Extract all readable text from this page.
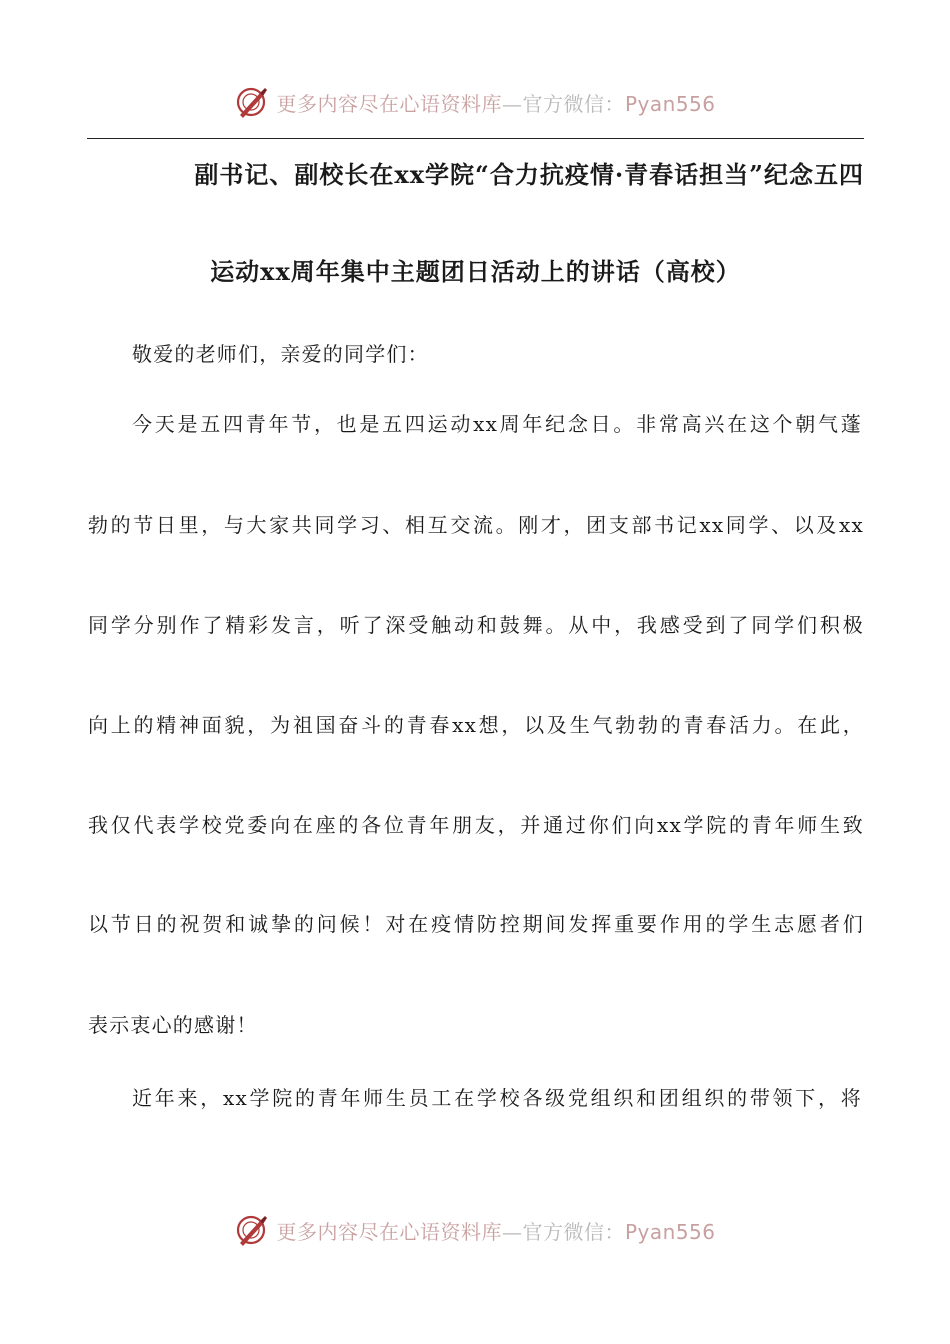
更多内容尽在心语资料库—官方微信：Pyan556
副书记、副校长在xx学院“合力抗疫情·青春话担当”纪念五四
运动xx周年集中主题团日活动上的讲话（高校）
敬爱的老师们，亲爱的同学们：
今天是五四青年节，也是五四运动xx周年纪念日。非常高兴在这个朝气蓬
勃的节日里，与大家共同学习、相互交流。刚才，团支部书记xx同学、以及xx
同学分别作了精彩发言，听了深受触动和鼓舞。从中，我感受到了同学们积极
向上的精神面貌，为祖国奋斗的青春xx想，以及生气勃勃的青春活力。在此，
我仅代表学校党委向在座的各位青年朋友，并通过你们向xx学院的青年师生致
以节日的祝贺和诚挚的问候！对在疫情防控期间发挥重要作用的学生志愿者们
表示衷心的感谢！
近年来，xx学院的青年师生员工在学校各级党组织和团组织的带领下，将
更多内容尽在心语资料库—官方微信：Pyan556
